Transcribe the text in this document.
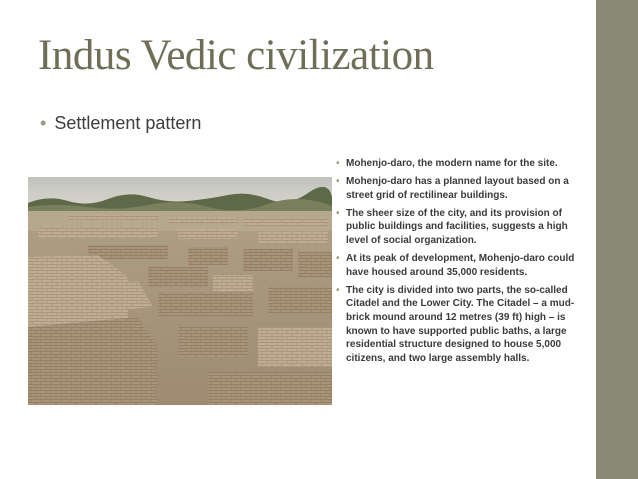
Indus Vedic civilization
• Settlement pattern
• Mohenjo-daro, the modern name for the site.
• Mohenjo-daro has a planned layout based on a street grid of rectilinear buildings.
• The sheer size of the city, and its provision of public buildings and facilities, suggests a high level of social organization.
• At its peak of development, Mohenjo-daro could have housed around 35,000 residents.
• The city is divided into two parts, the so-called Citadel and the Lower City. The Citadel – a mud-brick mound around 12 metres (39 ft) high – is known to have supported public baths, a large residential structure designed to house 5,000 citizens, and two large assembly halls.
